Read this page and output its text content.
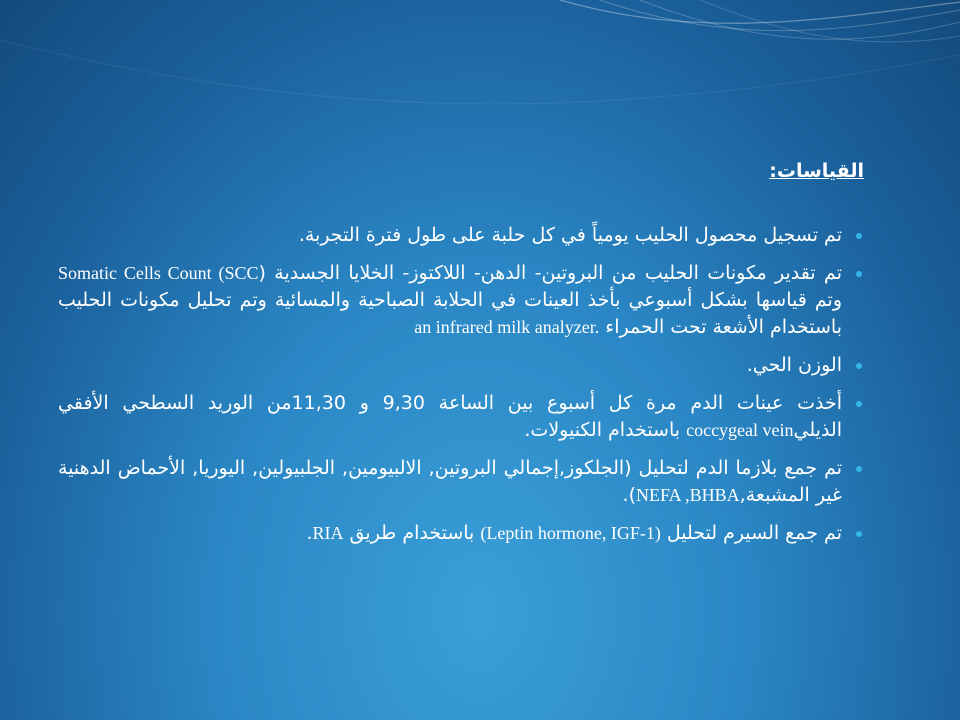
القياسات:
تم تسجيل محصول الحليب يومياً في كل حلبة على طول فترة التجربة.
تم تقدير مكونات الحليب من البروتين- الدهن- اللاكتوز- الخلايا الجسدية (Somatic Cells Count (SCC وتم قياسها بشكل أسبوعي بأخذ العينات في الحلابة الصباحية والمسائية وتم تحليل مكونات الحليب باستخدام الأشعة تحت الحمراء an infrared milk analyzer.
الوزن الحي.
أخذت عينات الدم مرة كل أسبوع بين الساعة 9,30 و 11,30من الوريد السطحي الأفقي الذيليcoccygeal vein باستخدام الكنيولات.
تم جمع بلازما الدم لتحليل (الجلكوز,إجمالي البروتين, الالبيومين, الجلبيولين, اليوريا, الأحماض الدهنية غير المشبعة,NEFA ,BHBA).
تم جمع السيرم لتحليل (Leptin hormone, IGF-1) باستخدام طريق RIA.
